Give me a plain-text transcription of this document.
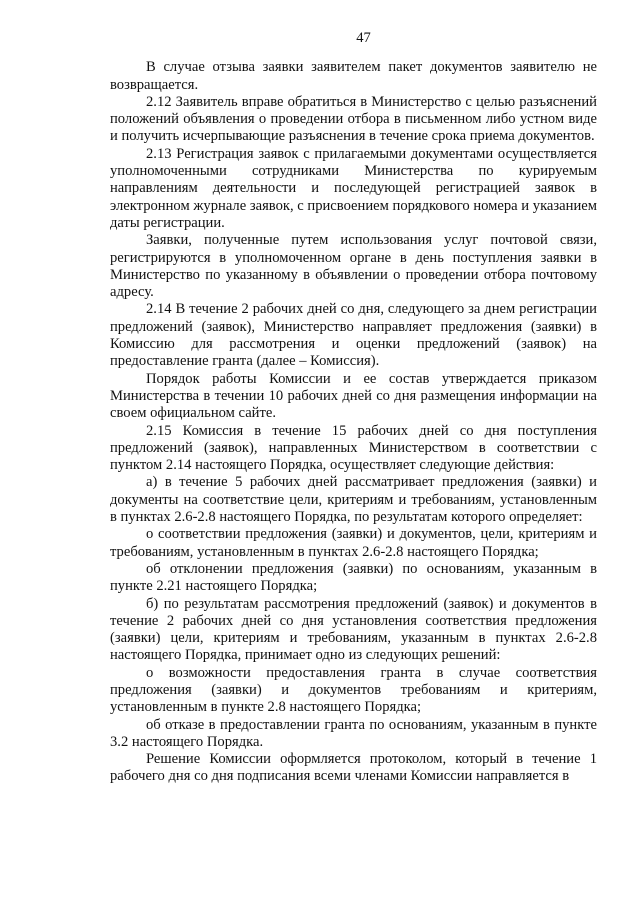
47

В случае отзыва заявки заявителем пакет документов заявителю не возвращается.

2.12 Заявитель вправе обратиться в Министерство с целью разъяснений положений объявления о проведении отбора в письменном либо устном виде и получить исчерпывающие разъяснения в течение срока приема документов.

2.13 Регистрация заявок с прилагаемыми документами осуществляется уполномоченными сотрудниками Министерства по курируемым направлениям деятельности и последующей регистрацией заявок в электронном журнале заявок, с присвоением порядкового номера и указанием даты регистрации.

Заявки, полученные путем использования услуг почтовой связи, регистрируются в уполномоченном органе в день поступления заявки в Министерство по указанному в объявлении о проведении отбора почтовому адресу.

2.14 В течение 2 рабочих дней со дня, следующего за днем регистрации предложений (заявок), Министерство направляет предложения (заявки) в Комиссию для рассмотрения и оценки предложений (заявок) на предоставление гранта (далее – Комиссия).

Порядок работы Комиссии и ее состав утверждается приказом Министерства в течении 10 рабочих дней со дня размещения информации на своем официальном сайте.

2.15 Комиссия в течение 15 рабочих дней со дня поступления предложений (заявок), направленных Министерством в соответствии с пунктом 2.14 настоящего Порядка, осуществляет следующие действия:

а) в течение 5 рабочих дней рассматривает предложения (заявки) и документы на соответствие цели, критериям и требованиям, установленным в пунктах 2.6-2.8 настоящего Порядка, по результатам которого определяет:

о соответствии предложения (заявки) и документов, цели, критериям и требованиям, установленным в пунктах 2.6-2.8 настоящего Порядка;

об отклонении предложения (заявки) по основаниям, указанным в пункте 2.21 настоящего Порядка;

б) по результатам рассмотрения предложений (заявок) и документов в течение 2 рабочих дней со дня установления соответствия предложения (заявки) цели, критериям и требованиям, указанным в пунктах 2.6-2.8 настоящего Порядка, принимает одно из следующих решений:

о возможности предоставления гранта в случае соответствия предложения (заявки) и документов требованиям и критериям, установленным в пункте 2.8 настоящего Порядка;

об отказе в предоставлении гранта по основаниям, указанным в пункте 3.2 настоящего Порядка.

Решение Комиссии оформляется протоколом, который в течение 1 рабочего дня со дня подписания всеми членами Комиссии направляется в
